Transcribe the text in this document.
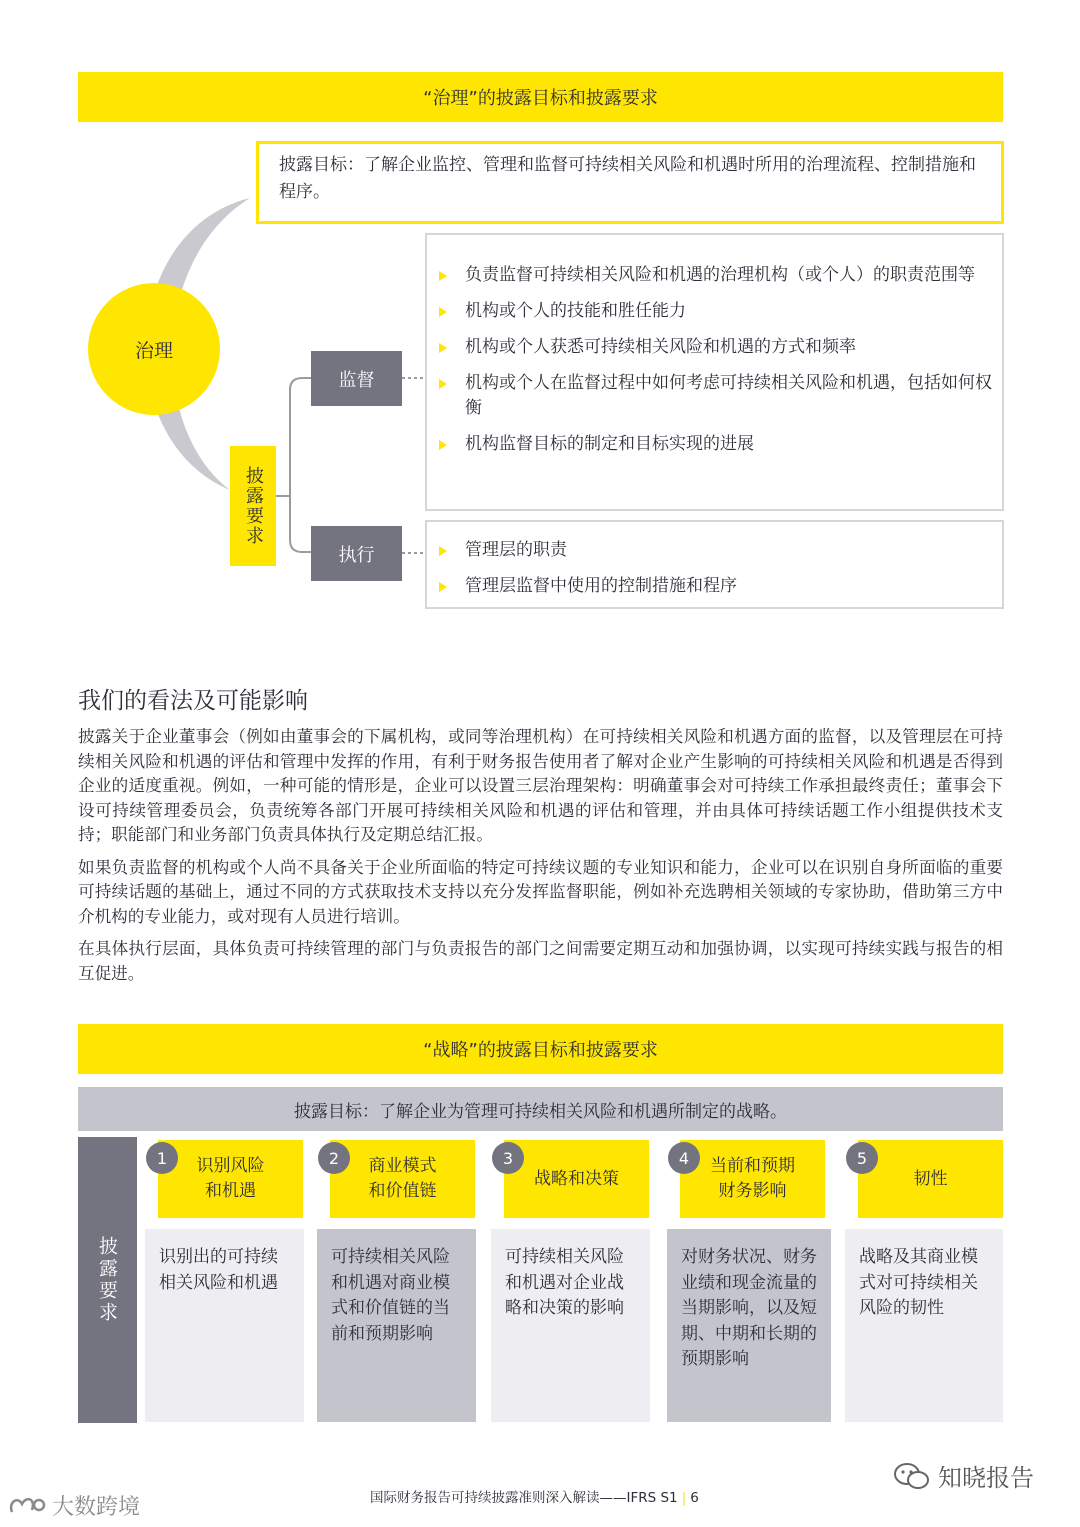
“治理”的披露目标和披露要求
披露目标：了解企业监控、管理和监督可持续相关风险和机遇时所用的治理流程、控制措施和程序。
治理
披露要求
监督
负责监督可持续相关风险和机遇的治理机构（或个人）的职责范围等
机构或个人的技能和胜任能力
机构或个人获悉可持续相关风险和机遇的方式和频率
机构或个人在监督过程中如何考虑可持续相关风险和机遇，包括如何权衡
机构监督目标的制定和目标实现的进展
执行	管理层的职责
管理层监督中使用的控制措施和程序
我们的看法及可能影响

披露关于企业董事会（例如由董事会的下属机构，或同等治理机构）在可持续相关风险和机遇方面的监督，以及管理层在可持续相关风险和机遇的评估和管理中发挥的作用，有利于财务报告使用者了解对企业产生影响的可持续相关风险和机遇是否得到企业的适度重视。例如，一种可能的情形是，企业可以设置三层治理架构：明确董事会对可持续工作承担最终责任；董事会下设可持续管理委员会，负责统筹各部门开展可持续相关风险和机遇的评估和管理，并由具体可持续话题工作小组提供技术支持；职能部门和业务部门负责具体执行及定期总结汇报。

如果负责监督的机构或个人尚不具备关于企业所面临的特定可持续议题的专业知识和能力，企业可以在识别自身所面临的重要可持续话题的基础上，通过不同的方式获取技术支持以充分发挥监督职能，例如补充选聘相关领域的专家协助，借助第三方中介机构的专业能力，或对现有人员进行培训。

在具体执行层面，具体负责可持续管理的部门与负责报告的部门之间需要定期互动和加强协调，以实现可持续实践与报告的相互促进。

“战略”的披露目标和披露要求
披露目标：了解企业为管理可持续相关风险和机遇所制定的战略。
披露要求
识别风险
和机遇
1
识别出的可持续相关风险和机遇
商业模式
和价值链
2
可持续相关风险和机遇对商业模式和价值链的当前和预期影响
战略和决策
3
可持续相关风险和机遇对企业战略和决策的影响
当前和预期
财务影响
4
对财务状况、财务业绩和现金流量的当期影响，以及短期、中期和长期的预期影响
韧性
5
战略及其商业模式对可持续相关风险的韧性
国际财务报告可持续披露准则深入解读——IFRS S1 | 6
大数跨境
知晓报告
